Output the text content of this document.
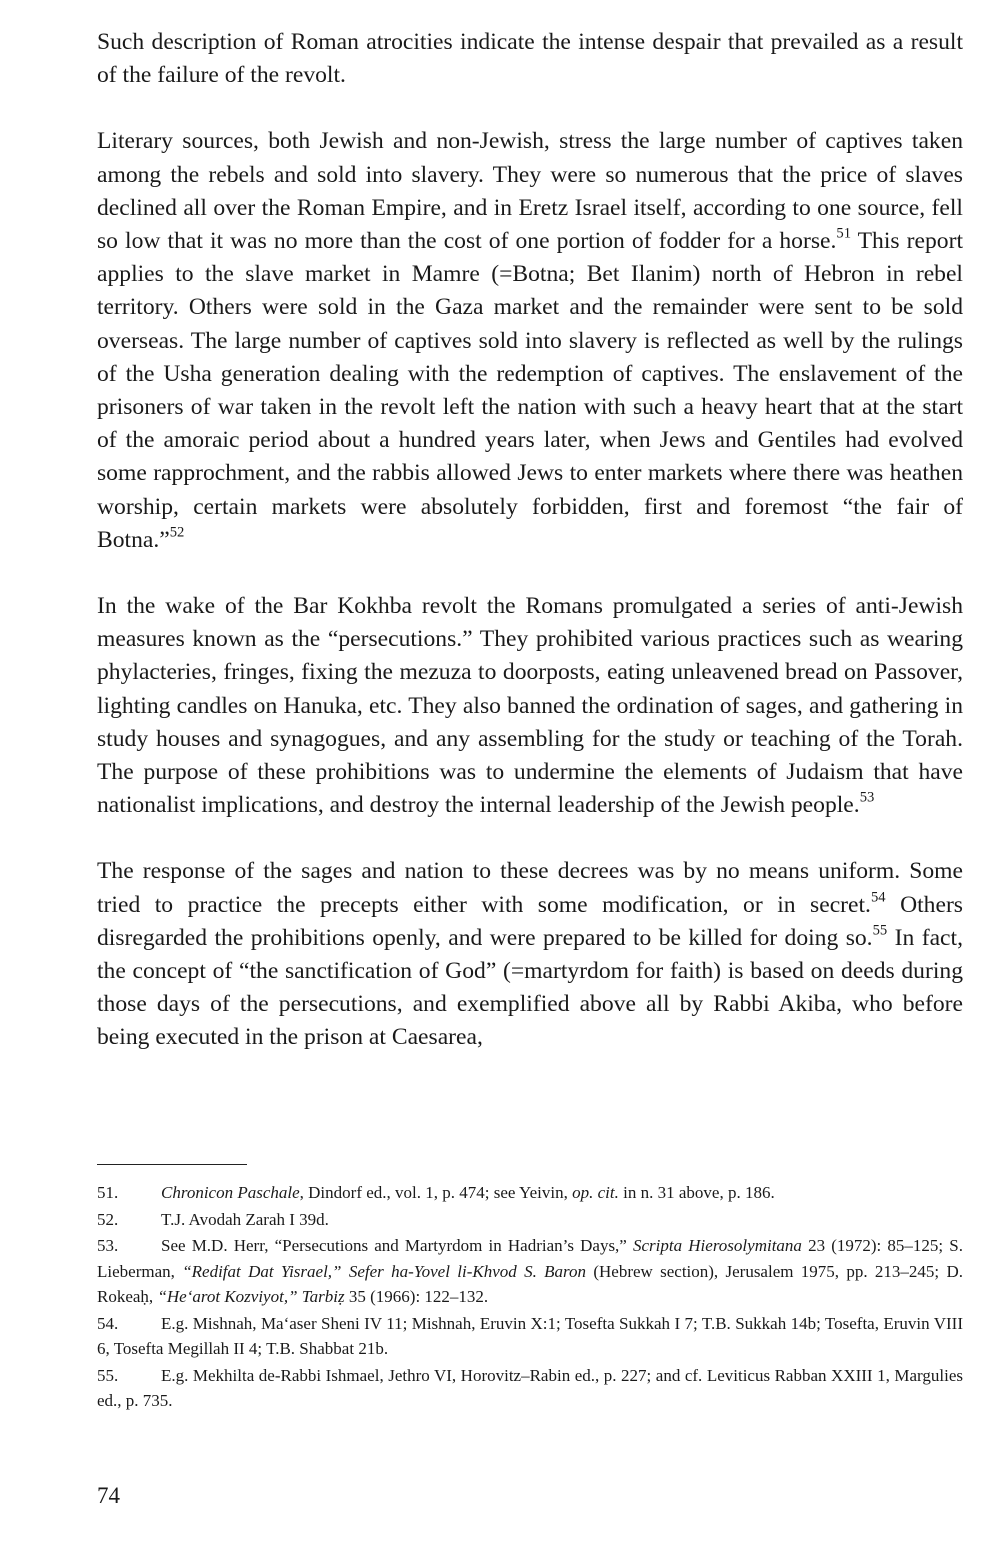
Such description of Roman atrocities indicate the intense despair that prevailed as a result of the failure of the revolt.

Literary sources, both Jewish and non-Jewish, stress the large number of captives taken among the rebels and sold into slavery. They were so numerous that the price of slaves declined all over the Roman Empire, and in Eretz Israel itself, according to one source, fell so low that it was no more than the cost of one portion of fodder for a horse.$^{51}$ This report applies to the slave market in Mamre (=Botna; Bet Ilanim) north of Hebron in rebel territory. Others were sold in the Gaza market and the remainder were sent to be sold overseas. The large number of captives sold into slavery is reflected as well by the rulings of the Usha generation dealing with the redemption of captives. The enslavement of the prisoners of war taken in the revolt left the nation with such a heavy heart that at the start of the amoraic period about a hundred years later, when Jews and Gentiles had evolved some rapprochment, and the rabbis allowed Jews to enter markets where there was heathen worship, certain markets were absolutely forbidden, first and foremost “the fair of Botna.”$^{52}$

In the wake of the Bar Kokhba revolt the Romans promulgated a series of anti-Jewish measures known as the “persecutions.” They prohibited various practices such as wearing phylacteries, fringes, fixing the mezuza to doorposts, eating unleavened bread on Passover, lighting candles on Hanuka, etc. They also banned the ordination of sages, and gathering in study houses and synagogues, and any assembling for the study or teaching of the Torah. The purpose of these prohibitions was to undermine the elements of Judaism that have nationalist implications, and destroy the internal leadership of the Jewish people.$^{53}$

The response of the sages and nation to these decrees was by no means uniform. Some tried to practice the precepts either with some modification, or in secret.$^{54}$ Others disregarded the prohibitions openly, and were prepared to be killed for doing so.$^{55}$ In fact, the concept of “the sanctification of God” (=martyrdom for faith) is based on deeds during those days of the persecutions, and exemplified above all by Rabbi Akiba, who before being executed in the prison at Caesarea,

51.	Chronicon Paschale, Dindorf ed., vol. 1, p. 474; see Yeivin, op. cit. in n. 31 above, p. 186.

52.	T.J. Avodah Zarah I 39d.

53.	See M.D. Herr, “Persecutions and Martyrdom in Hadrian’s Days,” Scripta Hierosolymitana 23 (1972): 85–125; S. Lieberman, “Redifat Dat Yisrael,” Sefer ha-Yovel li-Khvod S. Baron (Hebrew section), Jerusalem 1975, pp. 213–245; D. Rokeaḥ, “He‘arot Kozviyot,” Tarbiẓ 35 (1966): 122–132.

54.	E.g. Mishnah, Ma‘aser Sheni IV 11; Mishnah, Eruvin X:1; Tosefta Sukkah I 7; T.B. Sukkah 14b; Tosefta, Eruvin VIII 6, Tosefta Megillah II 4; T.B. Shabbat 21b.

55.	E.g. Mekhilta de-Rabbi Ishmael, Jethro VI, Horovitz–Rabin ed., p. 227; and cf. Leviticus Rabban XXIII 1, Margulies ed., p. 735.

74
